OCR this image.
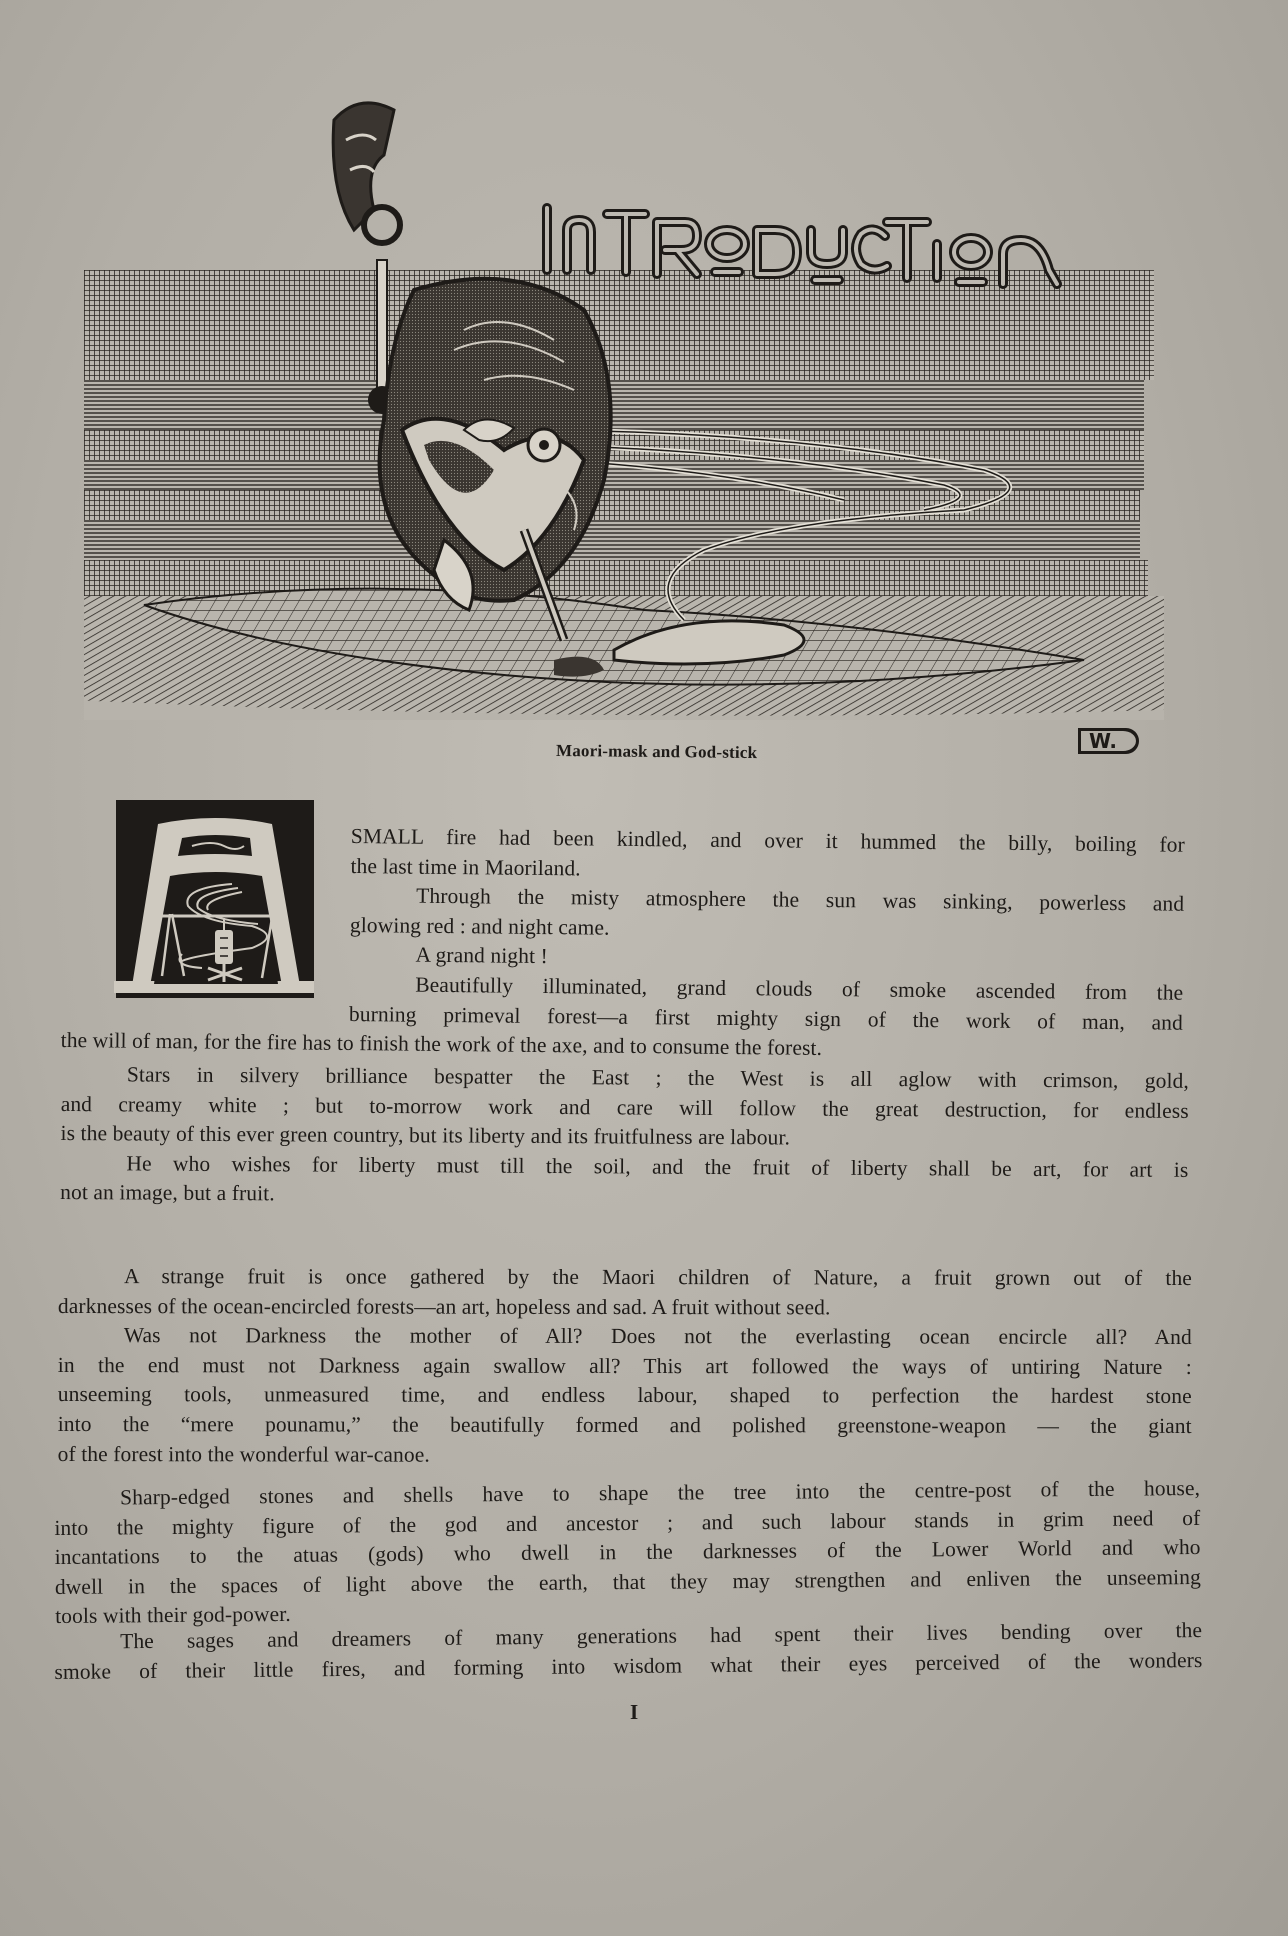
Maori-mask and God-stick	W.
SMALL fire had been kindled, and over it hummed the billy, boiling for
the last time in Maoriland.
Through the misty atmosphere the sun was sinking, powerless and
glowing red : and night came.
A grand night !
Beautifully illuminated, grand clouds of smoke ascended from the
burning primeval forest—a first mighty sign of the work of man, and
the will of man, for the fire has to finish the work of the axe, and to consume the forest.
Stars in silvery brilliance bespatter the East ; the West is all aglow with crimson, gold,
and creamy white ; but to-morrow work and care will follow the great destruction, for endless
is the beauty of this ever green country, but its liberty and its fruitfulness are labour.
He who wishes for liberty must till the soil, and the fruit of liberty shall be art, for art is
not an image, but a fruit.
A strange fruit is once gathered by the Maori children of Nature, a fruit grown out of the
darknesses of the ocean-encircled forests—an art, hopeless and sad. A fruit without seed.
Was not Darkness the mother of All? Does not the everlasting ocean encircle all? And
in the end must not Darkness again swallow all? This art followed the ways of untiring Nature :
unseeming tools, unmeasured time, and endless labour, shaped to perfection the hardest stone
into the “mere pounamu,” the beautifully formed and polished greenstone-weapon — the giant
of the forest into the wonderful war-canoe.
Sharp-edged stones and shells have to shape the tree into the centre-post of the house,
into the mighty figure of the god and ancestor ; and such labour stands in grim need of
incantations to the atuas (gods) who dwell in the darknesses of the Lower World and who
dwell in the spaces of light above the earth, that they may strengthen and enliven the unseeming
tools with their god-power.
The sages and dreamers of many generations had spent their lives bending over the
smoke of their little fires, and forming into wisdom what their eyes perceived of the wonders
I
